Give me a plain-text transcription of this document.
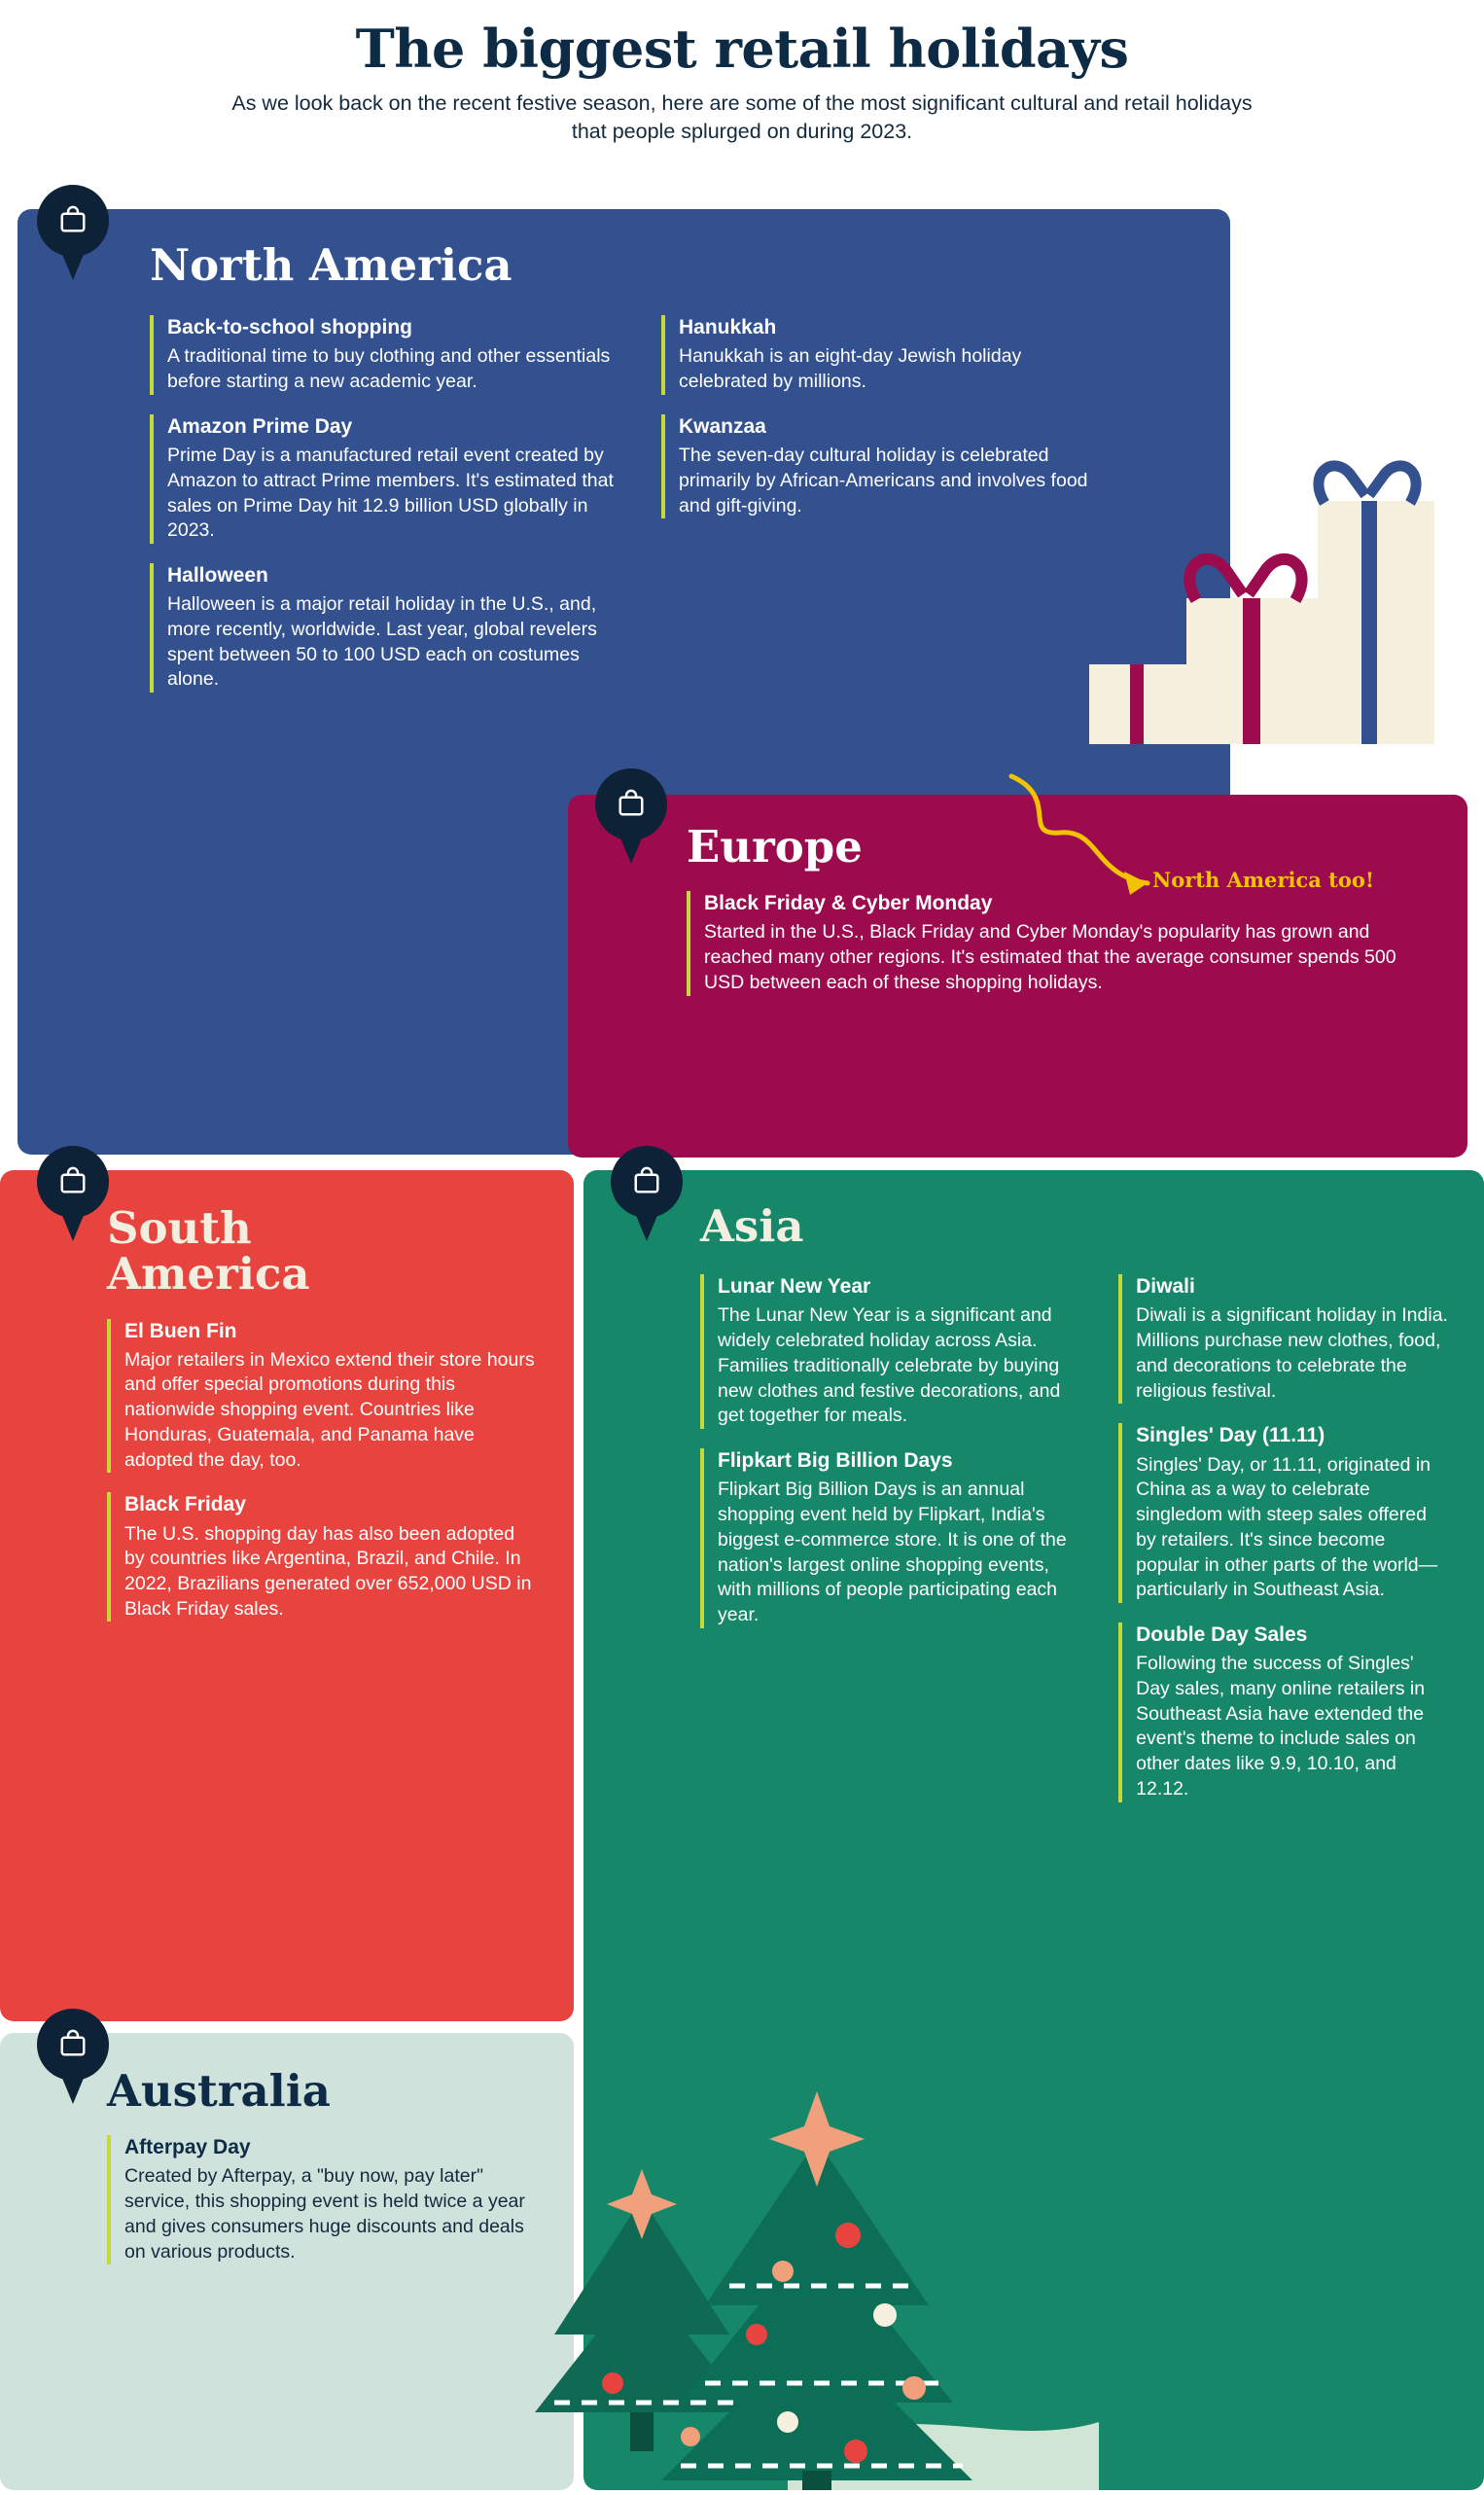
The biggest retail holidays

As we look back on the recent festive season, here are some of the most significant cultural and retail holidays that people splurged on during 2023.

North America
Back-to-school shopping

A traditional time to buy clothing and other essentials before starting a new academic year.

Amazon Prime Day

Prime Day is a manufactured retail event created by Amazon to attract Prime members. It's estimated that sales on Prime Day hit 12.9 billion USD globally in 2023.

Halloween

Halloween is a major retail holiday in the U.S., and, more recently, worldwide. Last year, global revelers spent between 50 to 100 USD each on costumes alone.

Hanukkah

Hanukkah is an eight-day Jewish holiday celebrated by millions.

Kwanzaa

The seven-day cultural holiday is celebrated primarily by African-Americans and involves food and gift-giving.

North America too!
Europe
Black Friday & Cyber Monday

Started in the U.S., Black Friday and Cyber Monday's popularity has grown and reached many other regions. It's estimated that the average consumer spends 500 USD between each of these shopping holidays.

South America
El Buen Fin

Major retailers in Mexico extend their store hours and offer special promotions during this nationwide shopping event. Countries like Honduras, Guatemala, and Panama have adopted the day, too.

Black Friday

The U.S. shopping day has also been adopted by countries like Argentina, Brazil, and Chile. In 2022, Brazilians generated over 652,000 USD in Black Friday sales.

Asia
Lunar New Year

The Lunar New Year is a significant and widely celebrated holiday across Asia. Families traditionally celebrate by buying new clothes and festive decorations, and get together for meals.

Flipkart Big Billion Days

Flipkart Big Billion Days is an annual shopping event held by Flipkart, India's biggest e-commerce store. It is one of the nation's largest online shopping events, with millions of people participating each year.

Diwali

Diwali is a significant holiday in India. Millions purchase new clothes, food, and decorations to celebrate the religious festival.

Singles' Day (11.11)

Singles' Day, or 11.11, originated in China as a way to celebrate singledom with steep sales offered by retailers. It's since become popular in other parts of the world—particularly in Southeast Asia.

Double Day Sales

Following the success of Singles' Day sales, many online retailers in Southeast Asia have extended the event's theme to include sales on other dates like 9.9, 10.10, and 12.12.

Australia
Afterpay Day

Created by Afterpay, a "buy now, pay later" service, this shopping event is held twice a year and gives consumers huge discounts and deals on various products.
